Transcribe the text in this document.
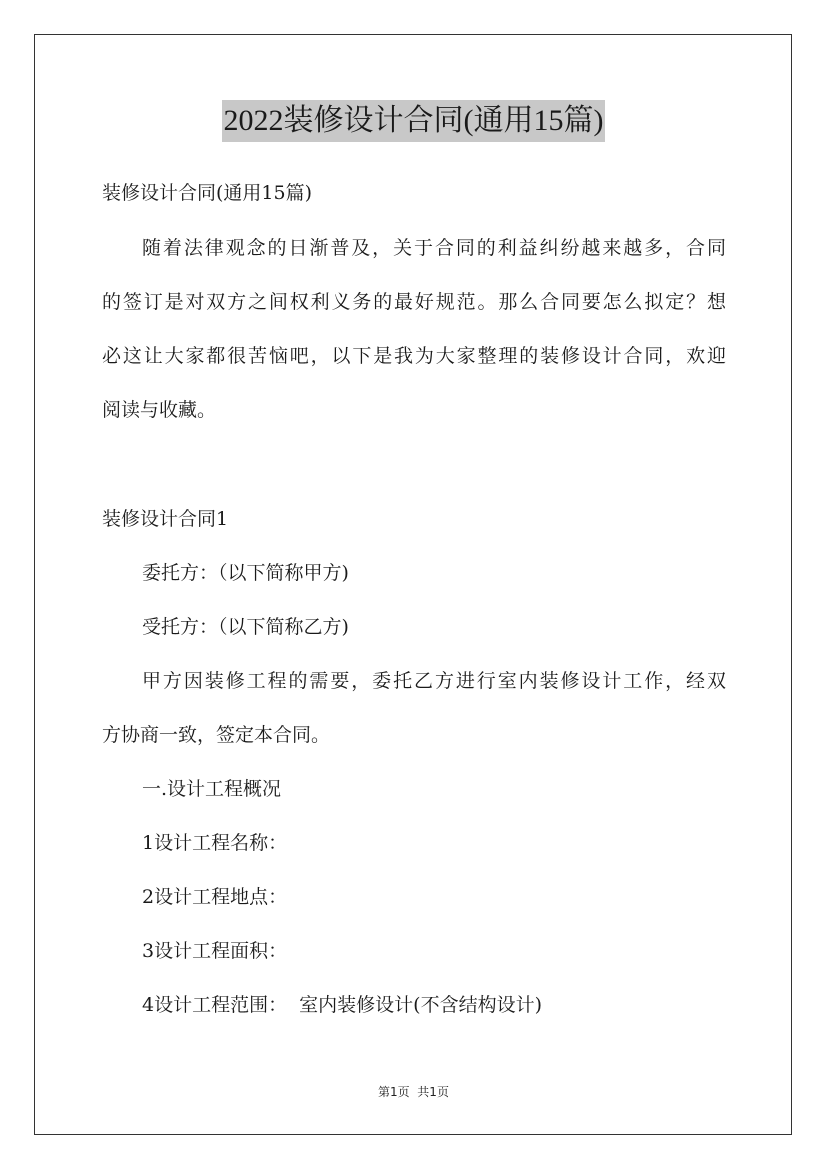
2022装修设计合同(通用15篇)
装修设计合同(通用15篇)
随着法律观念的日渐普及，关于合同的利益纠纷越来越多，合同
的签订是对双方之间权利义务的最好规范。那么合同要怎么拟定？想
必这让大家都很苦恼吧，以下是我为大家整理的装修设计合同，欢迎
阅读与收藏。
装修设计合同1
委托方：（以下简称甲方)
受托方：（以下简称乙方)
甲方因装修工程的需要，委托乙方进行室内装修设计工作，经双
方协商一致，签定本合同。
一.设计工程概况
1设计工程名称：
2设计工程地点：
3设计工程面积：
4设计工程范围：  室内装修设计(不含结构设计)
第1页  共1页
